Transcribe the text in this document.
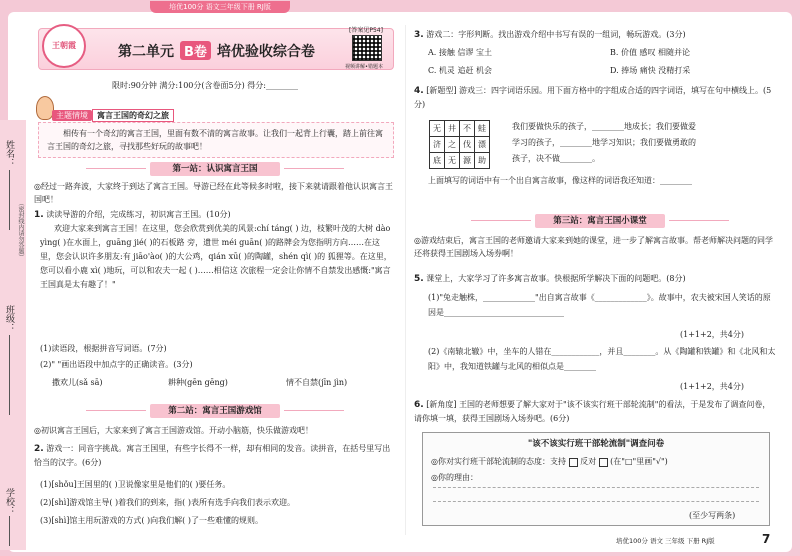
培优100分 语文三年级下册 RJ版
姓名：
班级：
学校：
（密封线内请勿答题）
王朝霞	第二单元 B卷 培优验收综合卷
[答案见P54]
视频讲解•错题本
限时:90分钟 满分:100分(含卷面5分) 得分:________
主题情境 寓言王国的奇幻之旅
相传有一个奇幻的寓言王国，里面有数不清的寓言故事。让我们一起背上行囊，踏上前往寓言王国的奇幻之旅，寻找那些好玩的故事吧！
第一站：认识寓言王国
◎经过一路奔波，大家终于到达了寓言王国。导游已经在此等候多时啦，接下来就请跟着他认识寓言王国吧！
1. 读读导游的介绍，完成练习，初识寓言王国。(10分)
欢迎大家来到寓言王国！在这里，您会欣赏到优美的风景:chí táng( ) 边，枝繁叶茂的大树 dào yìng( )在水面上，guāng jié( )的石板路 旁，遗世 méi guān( )的路牌会为您指明方向……在这里，您会认识许多朋友:有 jiāo'ào( )的大公鸡，qián xū( )的陶罐，shén qì( )的 狐狸等。在这里，您可以看小鹿 xì( )地玩，可以和农夫一起 ( )……相信这 次旅程一定会让你情不自禁发出感慨:"寓言王国真是太有趣了！"
(1)读语段，根据拼音写词语。(7分)
(2)" "画出语段中加点字的正确读音。(3分)
撒欢儿(sǎ sā)	耕种(gēn gēng)	情不自禁(jīn jìn)
第二站：寓言王国游戏馆
◎初识寓言王国后，大家来到了寓言王国游戏馆。开动小脑筋，快乐做游戏吧！
2. 游戏一：同音字挑战。寓言王国里，有些字长得不一样，却有相同的发音。读拼音，在括号里写出恰当的汉字。(6分)
(1)[shǒu]王国里的( )卫说像家里是他们的( )要任务。
(2)[shì]游戏馆主导( )着我们的到来，指( )表所有选手向我们表示欢迎。
(3)[shì]馆主用玩游戏的方式( )向我们解( )了一些难懂的规则。
3. 游戏二：字形判断。找出游戏介绍中书写有误的一组词，畅玩游戏。(3分)
A. 接触 信谬 宝土	B. 价值 感叹 相随并论
C. 机灵 追赶 机会	D. 捧场 痛快 没精打采
4. [新题型] 游戏三：四字词语乐园。用下面方格中的字组成合适的四字词语，填写在句中横线上。(5分)
无	井	不	蛙
济	之	伐	漂
底	无	源	助
我们要做快乐的孩子，________地成长；我们要做爱
学习的孩子，________地学习知识；我们要做勇敢的
孩子，决不做________。
上面填写的词语中有一个出自寓言故事，像这样的词语我还知道：________
第三站：寓言王国小课堂
◎游戏结束后，寓言王国的老师邀请大家来到她的课堂，进一步了解寓言故事。帮老师解决问题的同学还将获得王国剧场入场券啊！
5. 课堂上，大家学习了许多寓言故事。快根据所学解决下面的问题吧。(8分)
(1)"兔走触株，_____________"出自寓言故事《_____________》。故事中，农夫被宋国人笑话的原因是______________________________
(1+1+2，共4分)
(2)《南辕北辙》中，坐车的人错在____________，并且________。从《陶罐和铁罐》和《北风和太阳》中，我知道铁罐与北风的相似点是________
(1+1+2，共4分)
6. [新角度] 王国的老师想要了解大家对于"该不该实行班干部轮流制"的看法，于是发布了调查问卷，请你填一填，获得王国剧场入场券吧。(6分)
"该不该实行班干部轮流制"调查问卷
◎你对实行班干部轮流制的态度：支持 反对 (在"□"里画"√")
◎你的理由：
(至少写两条)
培优100分 语文 三年级 下册 RJ版	7
